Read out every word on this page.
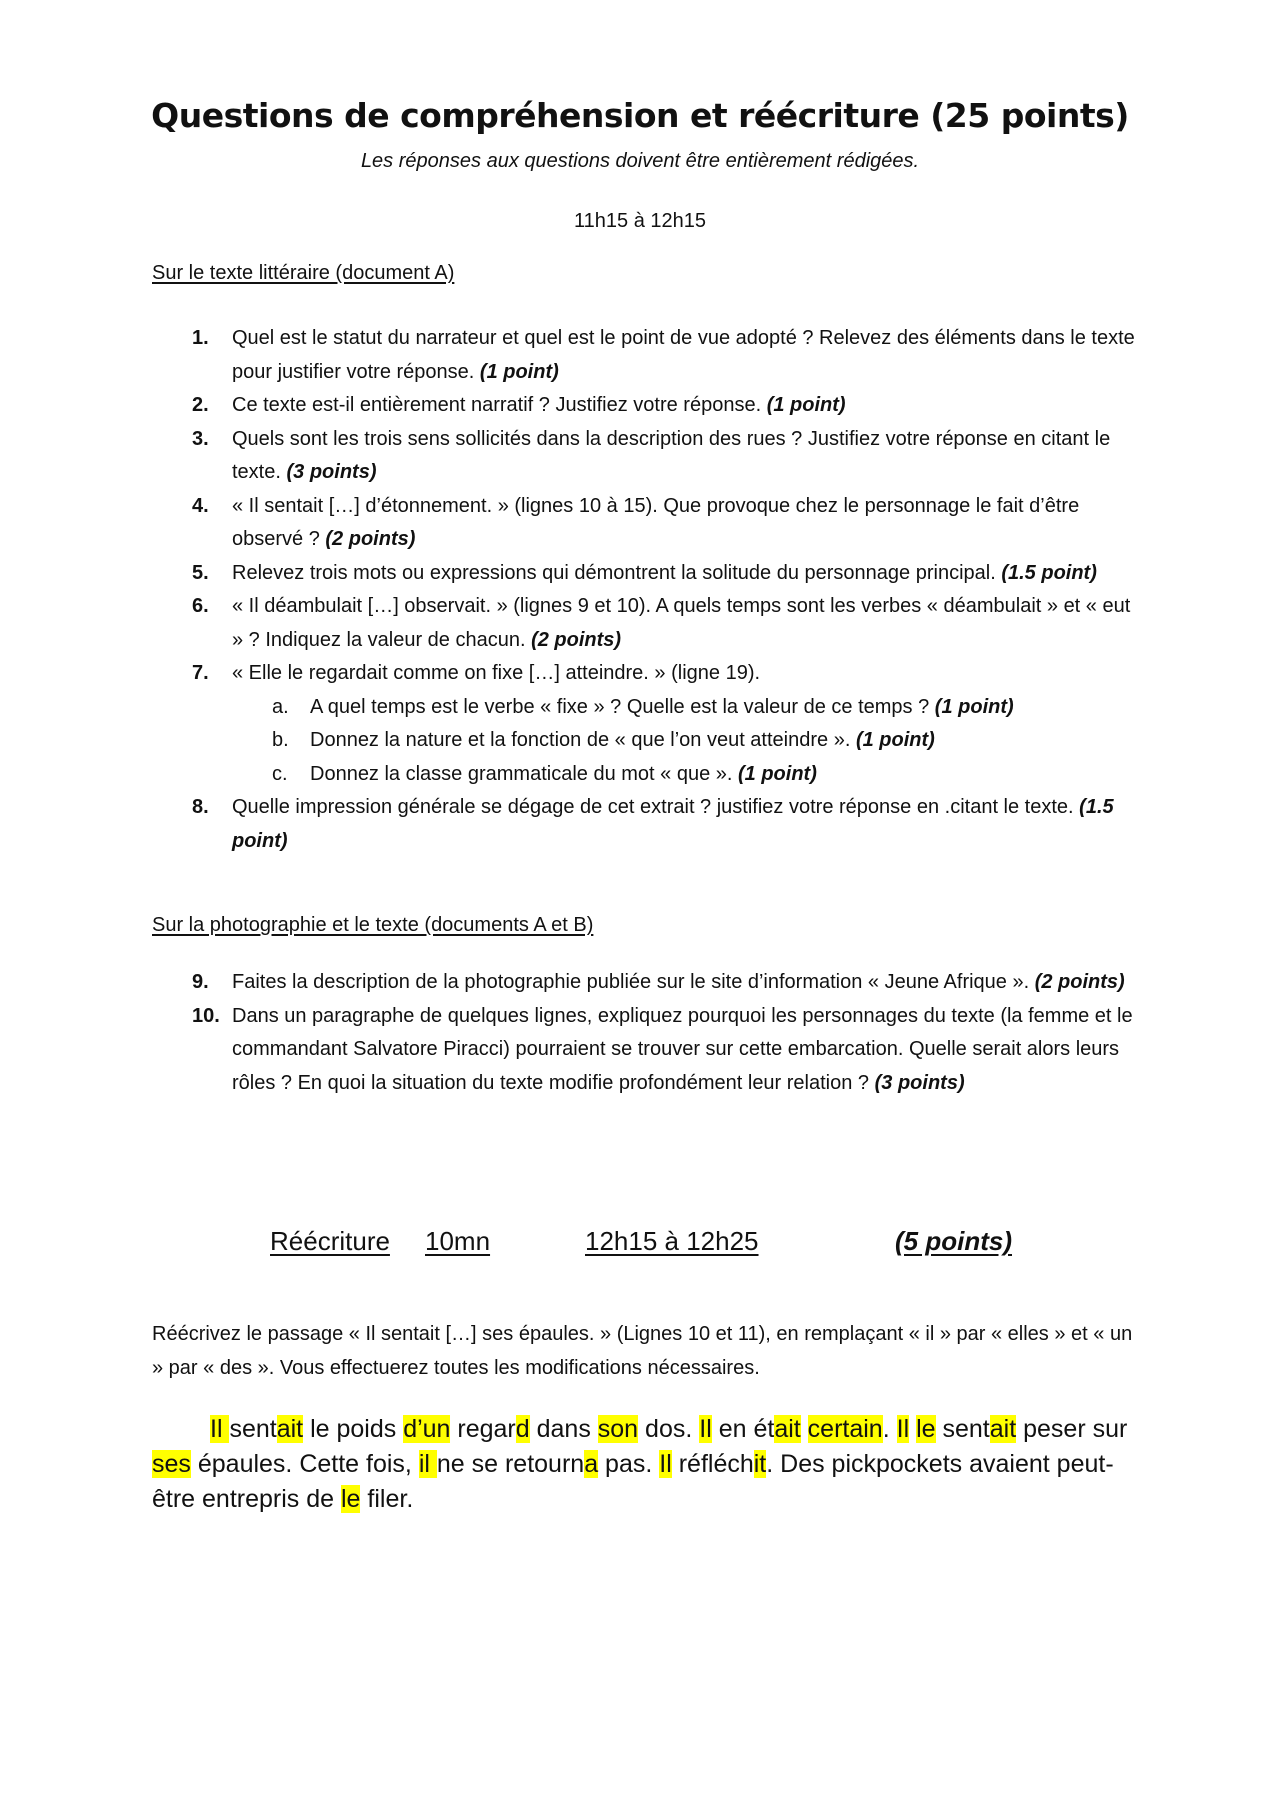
Questions de compréhension et réécriture (25 points)

Les réponses aux questions doivent être entièrement rédigées.

11h15 à 12h15

Sur le texte littéraire (document A)

1. Quel est le statut du narrateur et quel est le point de vue adopté ? Relevez des éléments dans le texte pour justifier votre réponse. (1 point)
2. Ce texte est-il entièrement narratif ? Justifiez votre réponse. (1 point)
3. Quels sont les trois sens sollicités dans la description des rues ? Justifiez votre réponse en citant le texte. (3 points)
4. « Il sentait […] d’étonnement. » (lignes 10 à 15). Que provoque chez le personnage le fait d’être observé ? (2 points)
5. Relevez trois mots ou expressions qui démontrent la solitude du personnage principal. (1.5 point)
6. « Il déambulait […] observait. » (lignes 9 et 10). A quels temps sont les verbes « déambulait » et « eut » ? Indiquez la valeur de chacun. (2 points)
7. « Elle le regardait comme on fixe […] atteindre. » (ligne 19).
a. A quel temps est le verbe « fixe » ? Quelle est la valeur de ce temps ? (1 point)
b. Donnez la nature et la fonction de « que l’on veut atteindre ». (1 point)
c. Donnez la classe grammaticale du mot « que ». (1 point)
8. Quelle impression générale se dégage de cet extrait ? justifiez votre réponse en .citant le texte. (1.5 point)

Sur la photographie et le texte (documents A et B)

9. Faites la description de la photographie publiée sur le site d’information « Jeune Afrique ». (2 points)
10. Dans un paragraphe de quelques lignes, expliquez pourquoi les personnages du texte (la femme et le commandant Salvatore Piracci) pourraient se trouver sur cette embarcation. Quelle serait alors leurs rôles ? En quoi la situation du texte modifie profondément leur relation ? (3 points)
Réécriture 10mn	12h15 à 12h25	(5 points)

Réécrivez le passage « Il sentait […] ses épaules. » (Lignes 10 et 11), en remplaçant « il » par « elles » et « un » par « des ». Vous effectuerez toutes les modifications nécessaires.

Il sentait le poids d’un regard dans son dos. Il en était certain. Il le sentait peser sur ses épaules. Cette fois, il ne se retourna pas. Il réfléchit. Des pickpockets avaient peut-être entrepris de le filer.
